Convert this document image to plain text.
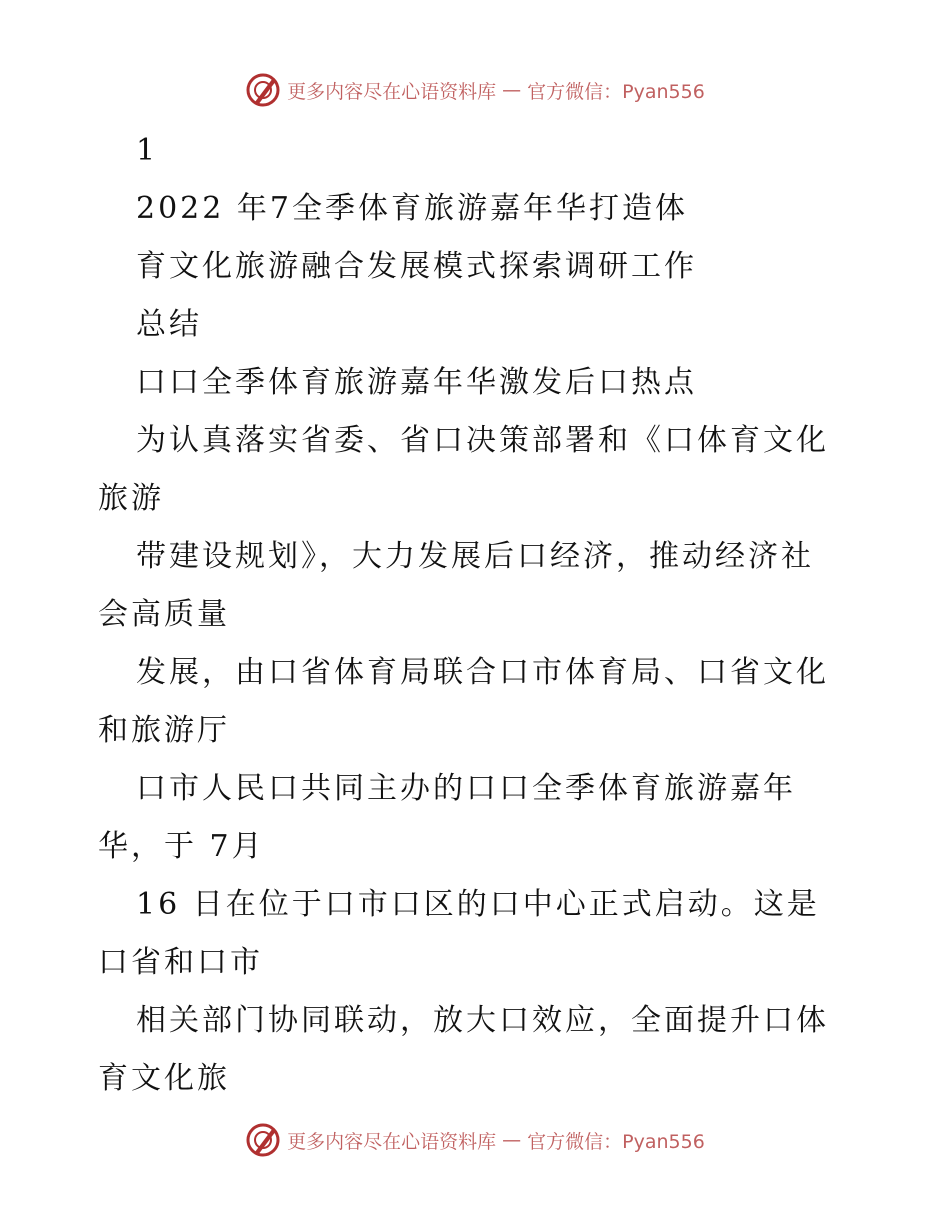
更多内容尽在心语资料库 — 官方微信：Pyan556
1
2022 年7全季体育旅游嘉年华打造体
育文化旅游融合发展模式探索调研工作
总结
口口全季体育旅游嘉年华激发后口热点
为认真落实省委、省口决策部署和《口体育文化
旅游
带建设规划》，大力发展后口经济，推动经济社
会高质量
发展，由口省体育局联合口市体育局、口省文化
和旅游厅
口市人民口共同主办的口口全季体育旅游嘉年
华，于 7月
16 日在位于口市口区的口中心正式启动。这是
口省和口市
相关部门协同联动，放大口效应，全面提升口体
育文化旅
更多内容尽在心语资料库 — 官方微信：Pyan556
